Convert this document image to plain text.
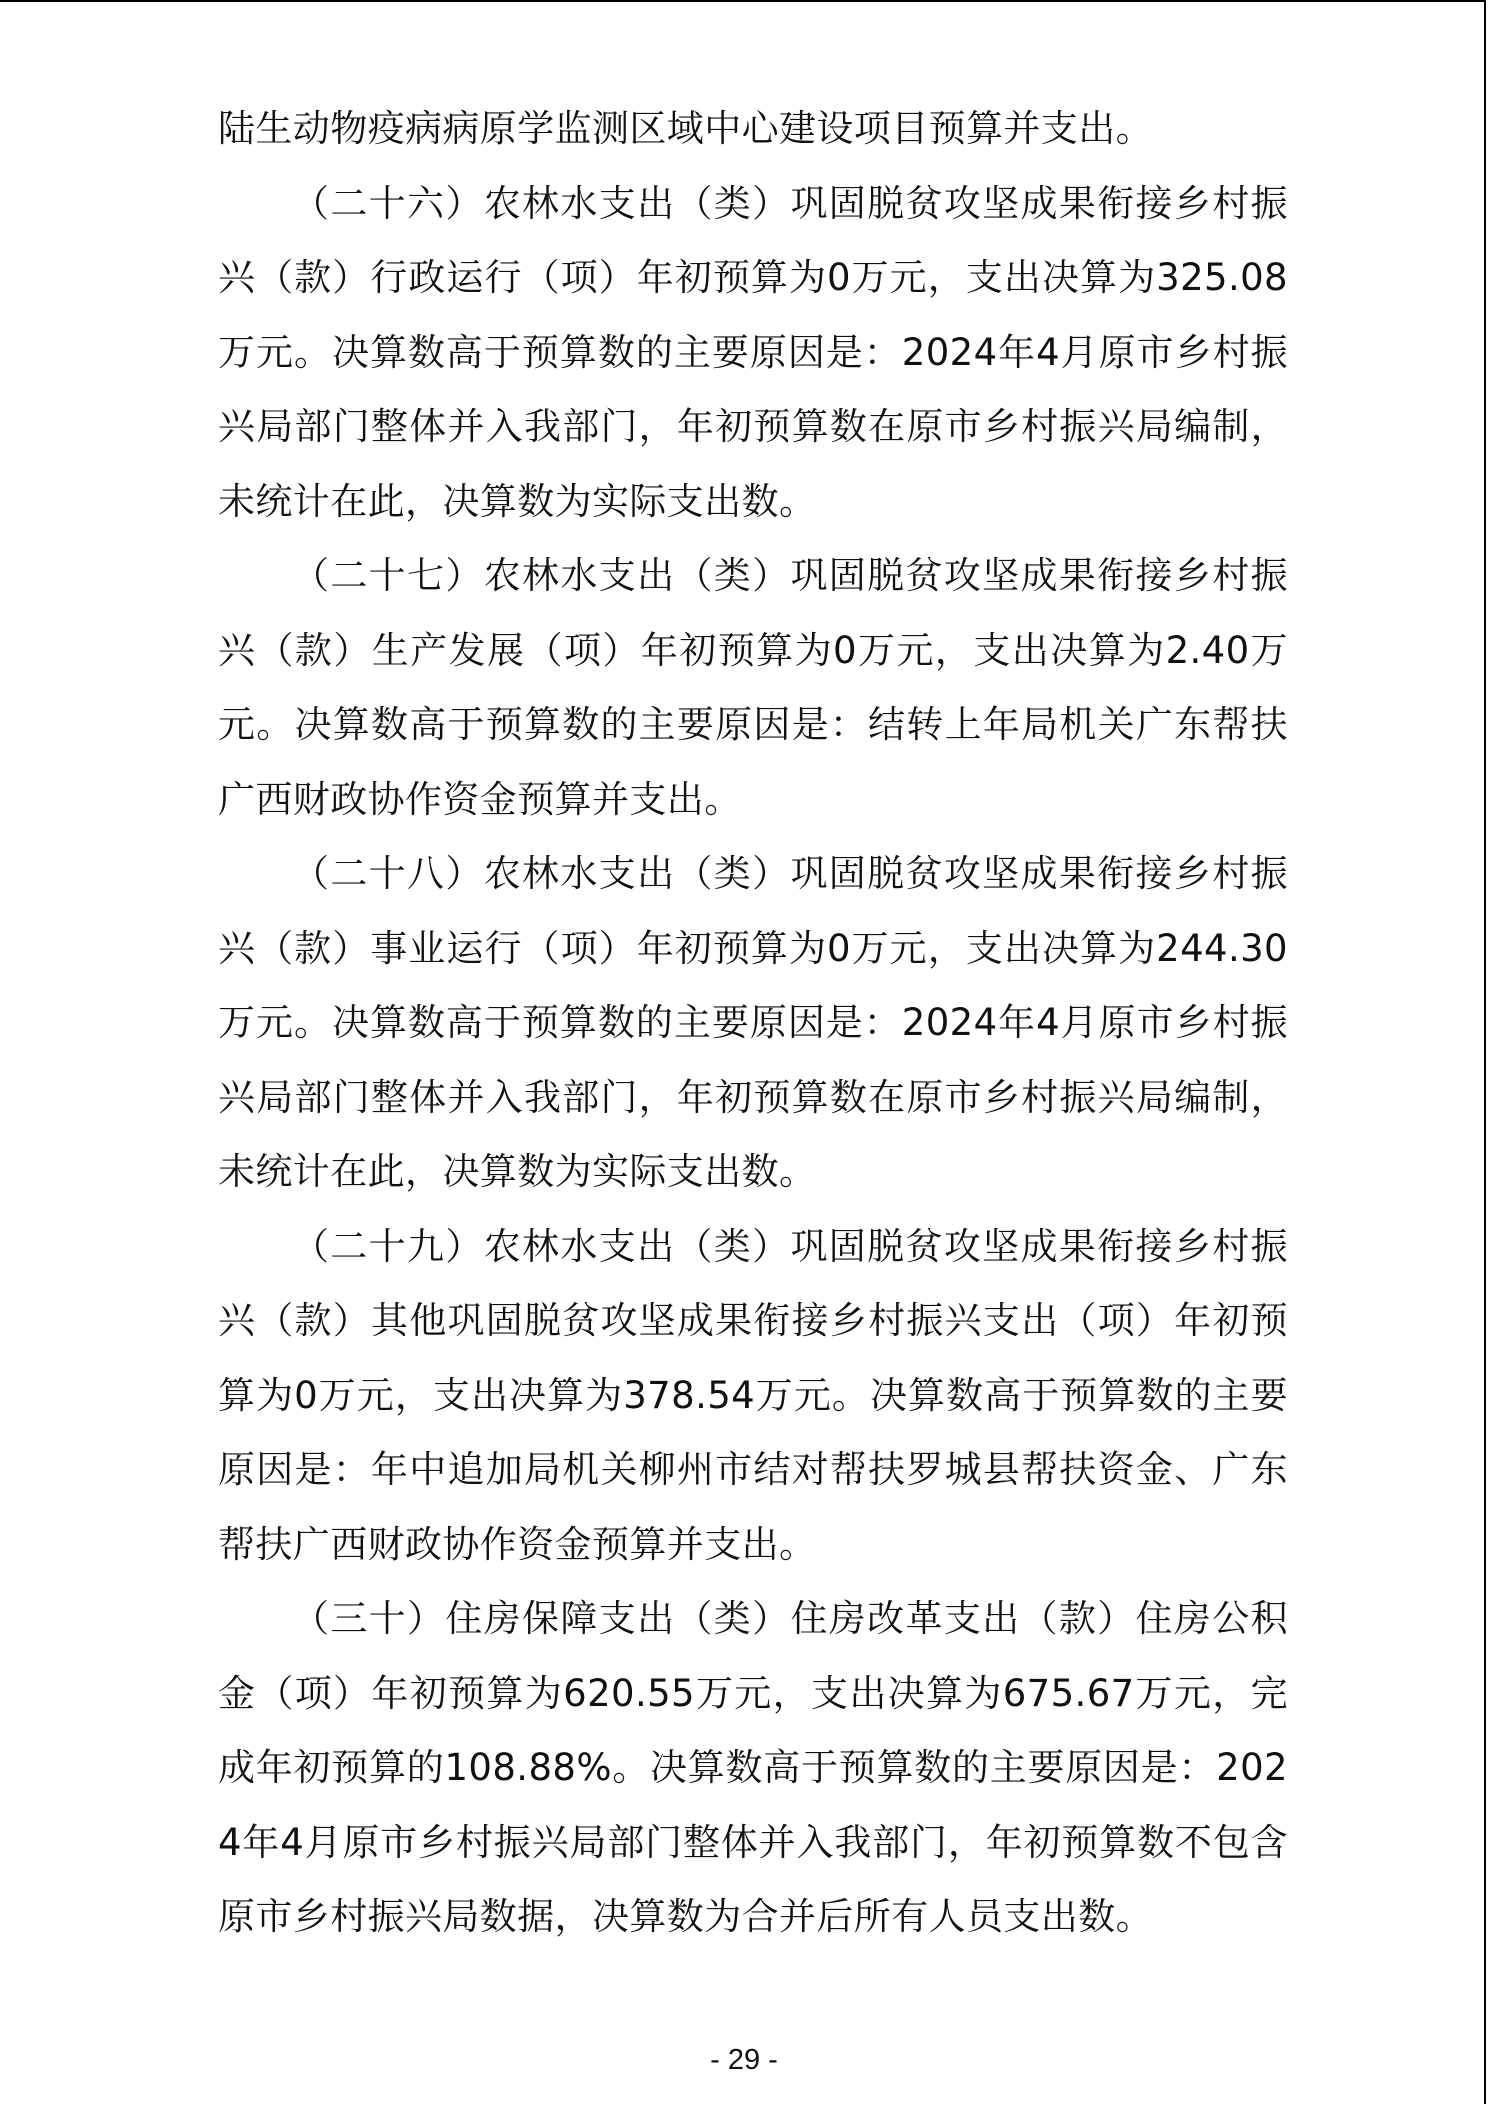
陆生动物疫病病原学监测区域中心建设项目预算并支出。

（二十六）农林水支出（类）巩固脱贫攻坚成果衔接乡村振兴（款）行政运行（项）年初预算为0万元，支出决算为325.08万元。决算数高于预算数的主要原因是：2024年4月原市乡村振兴局部门整体并入我部门，年初预算数在原市乡村振兴局编制，未统计在此，决算数为实际支出数。

（二十七）农林水支出（类）巩固脱贫攻坚成果衔接乡村振兴（款）生产发展（项）年初预算为0万元，支出决算为2.40万元。决算数高于预算数的主要原因是：结转上年局机关广东帮扶广西财政协作资金预算并支出。

（二十八）农林水支出（类）巩固脱贫攻坚成果衔接乡村振兴（款）事业运行（项）年初预算为0万元，支出决算为244.30万元。决算数高于预算数的主要原因是：2024年4月原市乡村振兴局部门整体并入我部门，年初预算数在原市乡村振兴局编制，未统计在此，决算数为实际支出数。

（二十九）农林水支出（类）巩固脱贫攻坚成果衔接乡村振兴（款）其他巩固脱贫攻坚成果衔接乡村振兴支出（项）年初预算为0万元，支出决算为378.54万元。决算数高于预算数的主要原因是：年中追加局机关柳州市结对帮扶罗城县帮扶资金、广东帮扶广西财政协作资金预算并支出。

（三十）住房保障支出（类）住房改革支出（款）住房公积金（项）年初预算为620.55万元，支出决算为675.67万元，完成年初预算的108.88%。决算数高于预算数的主要原因是：2024年4月原市乡村振兴局部门整体并入我部门，年初预算数不包含原市乡村振兴局数据，决算数为合并后所有人员支出数。

- 29 -
